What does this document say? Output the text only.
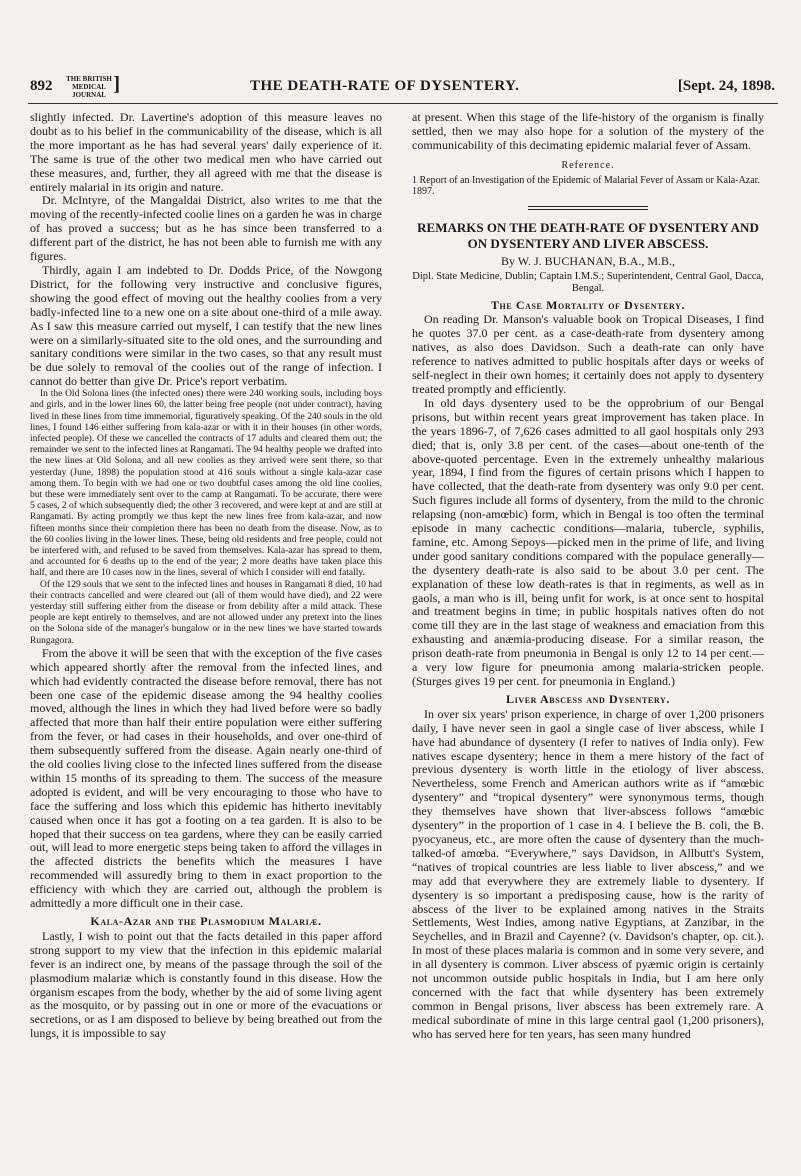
892 THE BRITISH MEDICAL JOURNAL ]	THE DEATH-RATE OF DYSENTERY.	[Sept. 24, 1898.

slightly infected. Dr. Lavertine's adoption of this measure leaves no doubt as to his belief in the communicability of the disease, which is all the more important as he has had several years' daily experience of it. The same is true of the other two medical men who have carried out these measures, and, further, they all agreed with me that the disease is entirely malarial in its origin and nature.

Dr. McIntyre, of the Mangaldai District, also writes to me that the moving of the recently-infected coolie lines on a garden he was in charge of has proved a success; but as he has since been transferred to a different part of the district, he has not been able to furnish me with any figures.

Thirdly, again I am indebted to Dr. Dodds Price, of the Nowgong District, for the following very instructive and conclusive figures, showing the good effect of moving out the healthy coolies from a very badly-infected line to a new one on a site about one-third of a mile away. As I saw this measure carried out myself, I can testify that the new lines were on a similarly-situated site to the old ones, and the surrounding and sanitary conditions were similar in the two cases, so that any result must be due solely to removal of the coolies out of the range of infection. I cannot do better than give Dr. Price's report verbatim.

In the Old Solona lines (the infected ones) there were 240 working souls, including boys and girls, and in the lower lines 60, the latter being free people (not under contract), having lived in these lines from time immemorial, figuratively speaking. Of the 240 souls in the old lines, I found 146 either suffering from kala-azar or with it in their houses (in other words, infected people). Of these we cancelled the contracts of 17 adults and cleared them out; the remainder we sent to the infected lines at Rangamati. The 94 healthy people we drafted into the new lines at Old Solona, and all new coolies as they arrived were sent there, so that yesterday (June, 1898) the population stood at 416 souls without a single kala-azar case among them. To begin with we had one or two doubtful cases among the old line coolies, but these were immediately sent over to the camp at Rangamati. To be accurate, there were 5 cases, 2 of which subsequently died; the other 3 recovered, and were kept at and are still at Rangamati. By acting promptly we thus kept the new lines free from kala-azar, and now fifteen months since their completion there has been no death from the disease. Now, as to the 60 coolies living in the lower lines. These, being old residents and free people, could not be interfered with, and refused to be saved from themselves. Kala-azar has spread to them, and accounted for 6 deaths up to the end of the year; 2 more deaths have taken place this half, and there are 10 cases now in the lines, several of which I consider will end fatally.

Of the 129 souls that we sent to the infected lines and houses in Rangamati 8 died, 10 had their contracts cancelled and were cleared out (all of them would have died), and 22 were yesterday still suffering either from the disease or from debility after a mild attack. These people are kept entirely to themselves, and are not allowed under any pretext into the lines on the Solona side of the manager's bungalow or in the new lines we have started towards Rungagora.

From the above it will be seen that with the exception of the five cases which appeared shortly after the removal from the infected lines, and which had evidently contracted the disease before removal, there has not been one case of the epidemic disease among the 94 healthy coolies moved, although the lines in which they had lived before were so badly affected that more than half their entire population were either suffering from the fever, or had cases in their households, and over one-third of them subsequently suffered from the disease. Again nearly one-third of the old coolies living close to the infected lines suffered from the disease within 15 months of its spreading to them. The success of the measure adopted is evident, and will be very encouraging to those who have to face the suffering and loss which this epidemic has hitherto inevitably caused when once it has got a footing on a tea garden. It is also to be hoped that their success on tea gardens, where they can be easily carried out, will lead to more energetic steps being taken to afford the villages in the affected districts the benefits which the measures I have recommended will assuredly bring to them in exact proportion to the efficiency with which they are carried out, although the problem is admittedly a more difficult one in their case.

Kala-Azar and the Plasmodium Malariæ.

Lastly, I wish to point out that the facts detailed in this paper afford strong support to my view that the infection in this epidemic malarial fever is an indirect one, by means of the passage through the soil of the plasmodium malariæ which is constantly found in this disease. How the organism escapes from the body, whether by the aid of some living agent as the mosquito, or by passing out in one or more of the evacuations or secretions, or as I am disposed to believe by being breathed out from the lungs, it is impossible to say

at present. When this stage of the life-history of the organism is finally settled, then we may also hope for a solution of the mystery of the communicability of this decimating epidemic malarial fever of Assam.

Reference.
1 Report of an Investigation of the Epidemic of Malarial Fever of Assam or Kala-Azar. 1897.
REMARKS ON THE DEATH-RATE OF DYSENTERY AND ON DYSENTERY AND LIVER ABSCESS.
By W. J. BUCHANAN, B.A., M.B.,
Dipl. State Medicine, Dublin; Captain I.M.S.; Superintendent, Central Gaol, Dacca, Bengal.
The Case Mortality of Dysentery.

On reading Dr. Manson's valuable book on Tropical Diseases, I find he quotes 37.0 per cent. as a case-death-rate from dysentery among natives, as also does Davidson. Such a death-rate can only have reference to natives admitted to public hospitals after days or weeks of self-neglect in their own homes; it certainly does not apply to dysentery treated promptly and efficiently.

In old days dysentery used to be the opprobrium of our Bengal prisons, but within recent years great improvement has taken place. In the years 1896-7, of 7,626 cases admitted to all gaol hospitals only 293 died; that is, only 3.8 per cent. of the cases—about one-tenth of the above-quoted percentage. Even in the extremely unhealthy malarious year, 1894, I find from the figures of certain prisons which I happen to have collected, that the death-rate from dysentery was only 9.0 per cent. Such figures include all forms of dysentery, from the mild to the chronic relapsing (non-amœbic) form, which in Bengal is too often the terminal episode in many cachectic conditions—malaria, tubercle, syphilis, famine, etc. Among Sepoys—picked men in the prime of life, and living under good sanitary conditions compared with the populace generally—the dysentery death-rate is also said to be about 3.0 per cent. The explanation of these low death-rates is that in regiments, as well as in gaols, a man who is ill, being unfit for work, is at once sent to hospital and treatment begins in time; in public hospitals natives often do not come till they are in the last stage of weakness and emaciation from this exhausting and anæmia-producing disease. For a similar reason, the prison death-rate from pneumonia in Bengal is only 12 to 14 per cent.—a very low figure for pneumonia among malaria-stricken people. (Sturges gives 19 per cent. for pneumonia in England.)

Liver Abscess and Dysentery.

In over six years' prison experience, in charge of over 1,200 prisoners daily, I have never seen in gaol a single case of liver abscess, while I have had abundance of dysentery (I refer to natives of India only). Few natives escape dysentery; hence in them a mere history of the fact of previous dysentery is worth little in the etiology of liver abscess. Nevertheless, some French and American authors write as if “amœbic dysentery” and “tropical dysentery” were synonymous terms, though they themselves have shown that liver-abscess follows “amœbic dysentery” in the proportion of 1 case in 4. I believe the B. coli, the B. pyocyaneus, etc., are more often the cause of dysentery than the much-talked-of amœba. “Everywhere,” says Davidson, in Allbutt's System, “natives of tropical countries are less liable to liver abscess,” and we may add that everywhere they are extremely liable to dysentery. If dysentery is so important a predisposing cause, how is the rarity of abscess of the liver to be explained among natives in the Straits Settlements, West Indies, among native Egyptians, at Zanzibar, in the Seychelles, and in Brazil and Cayenne? (v. Davidson's chapter, op. cit.). In most of these places malaria is common and in some very severe, and in all dysentery is common. Liver abscess of pyæmic origin is certainly not uncommon outside public hospitals in India, but I am here only concerned with the fact that while dysentery has been extremely common in Bengal prisons, liver abscess has been extremely rare. A medical subordinate of mine in this large central gaol (1,200 prisoners), who has served here for ten years, has seen many hundred
